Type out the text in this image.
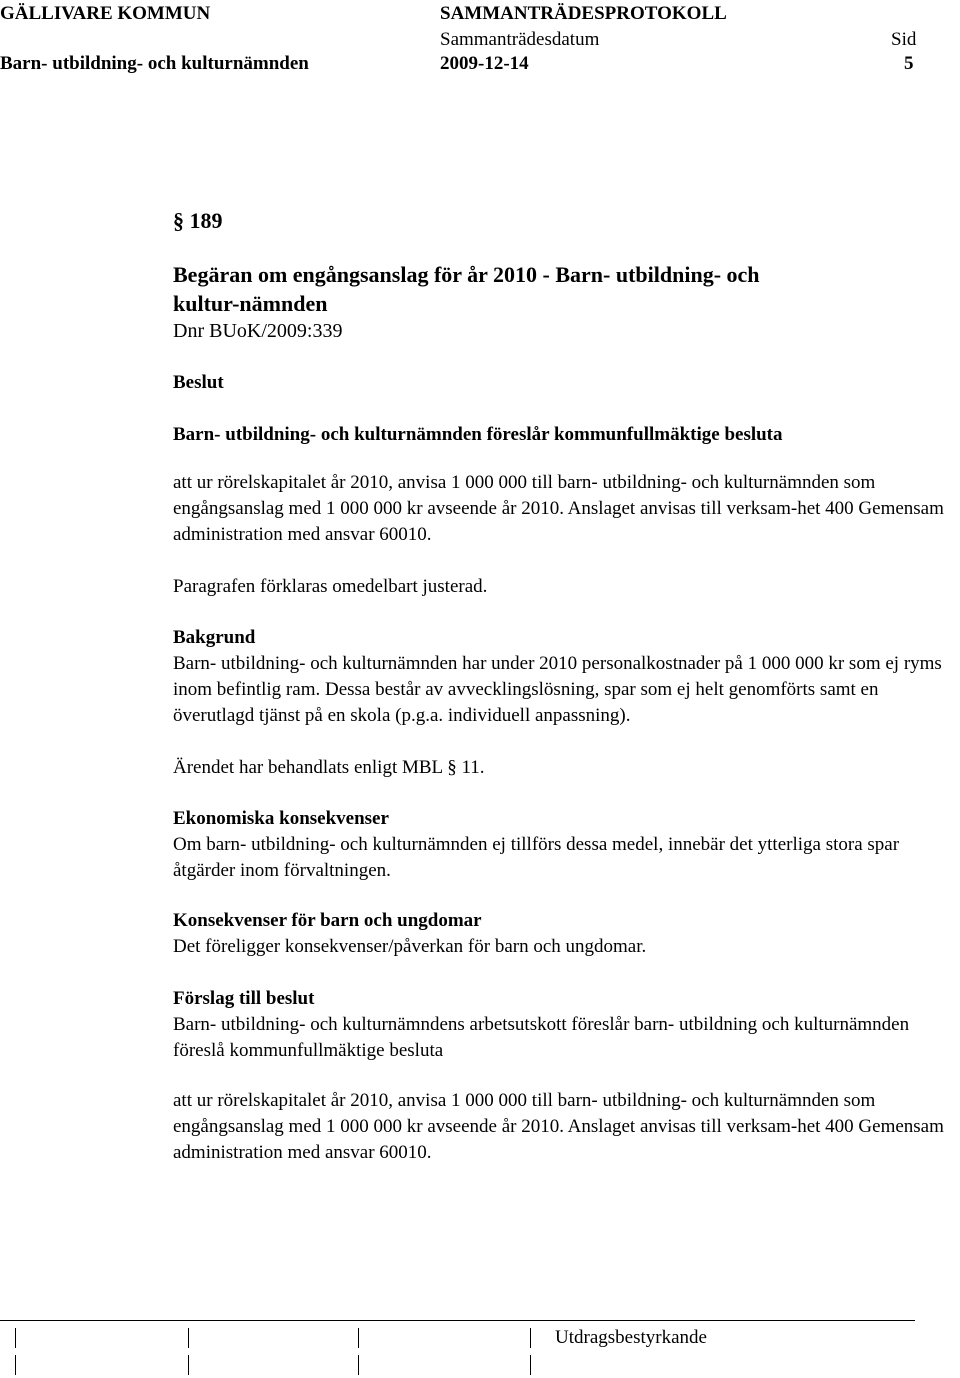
GÄLLIVARE KOMMUN	SAMMANTRÄDESPROTOKOLL
Sammanträdesdatum	Sid
Barn- utbildning- och kulturnämnden	2009-12-14	5
§ 189

Begäran om engångsanslag för år 2010 - Barn- utbildning- och kultur-nämnden

Dnr BUoK/2009:339

Beslut
Barn- utbildning- och kulturnämnden föreslår kommunfullmäktige besluta

att ur rörelskapitalet år 2010, anvisa 1 000 000 till barn- utbildning- och kulturnämnden som engångsanslag med 1 000 000 kr avseende år 2010. Anslaget anvisas till verksam-het 400 Gemensam administration med ansvar 60010.

Paragrafen förklaras omedelbart justerad.
Bakgrund

Barn- utbildning- och kulturnämnden har under 2010 personalkostnader på 1 000 000 kr som ej ryms inom befintlig ram. Dessa består av avvecklingslösning, spar som ej helt genomförts samt en överutlagd tjänst på en skola (p.g.a. individuell anpassning).

Ärendet har behandlats enligt MBL § 11.
Ekonomiska konsekvenser

Om barn- utbildning- och kulturnämnden ej tillförs dessa medel, innebär det ytterliga stora spar åtgärder inom förvaltningen.

Konsekvenser för barn och ungdomar
Det föreligger konsekvenser/påverkan för barn och ungdomar.
Förslag till beslut

Barn- utbildning- och kulturnämndens arbetsutskott föreslår barn- utbildning och kulturnämnden föreslå kommunfullmäktige besluta

att ur rörelskapitalet år 2010, anvisa 1 000 000 till barn- utbildning- och kulturnämnden som engångsanslag med 1 000 000 kr avseende år 2010. Anslaget anvisas till verksam-het 400 Gemensam administration med ansvar 60010.

Utdragsbestyrkande
